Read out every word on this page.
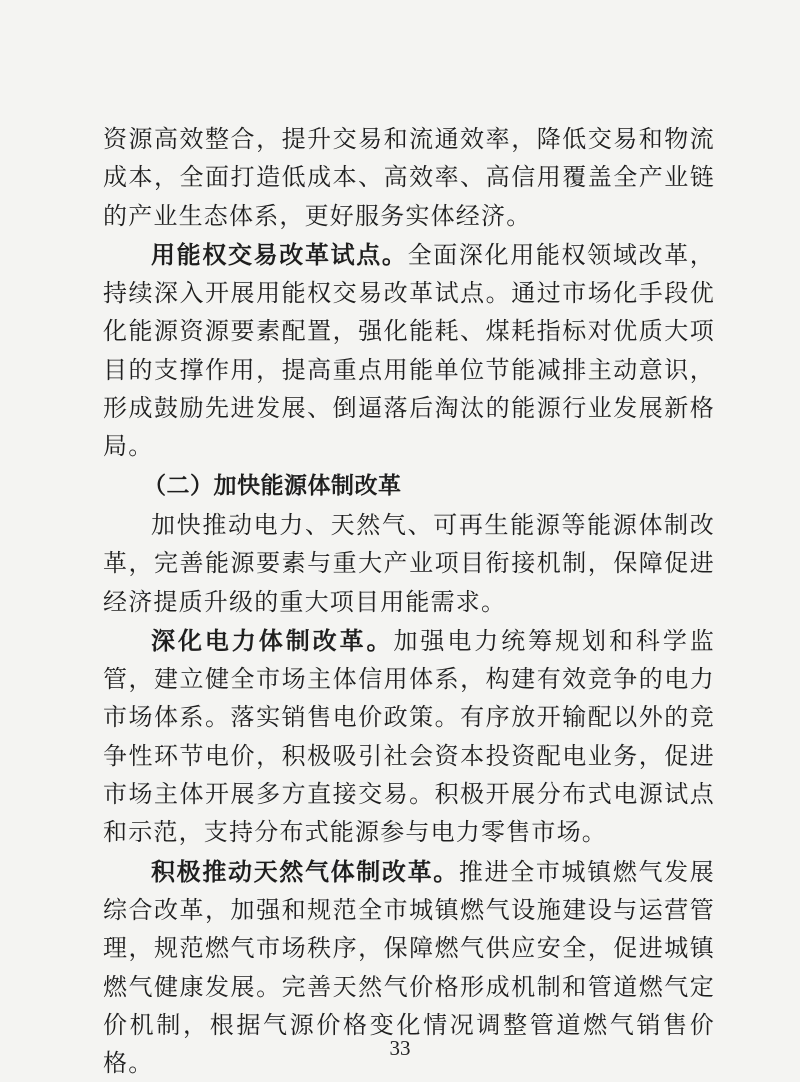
资源高效整合，提升交易和流通效率，降低交易和物流成本，全面打造低成本、高效率、高信用覆盖全产业链的产业生态体系，更好服务实体经济。

用能权交易改革试点。全面深化用能权领域改革，持续深入开展用能权交易改革试点。通过市场化手段优化能源资源要素配置，强化能耗、煤耗指标对优质大项目的支撑作用，提高重点用能单位节能减排主动意识，形成鼓励先进发展、倒逼落后淘汰的能源行业发展新格局。

（二）加快能源体制改革

加快推动电力、天然气、可再生能源等能源体制改革，完善能源要素与重大产业项目衔接机制，保障促进经济提质升级的重大项目用能需求。

深化电力体制改革。加强电力统筹规划和科学监管，建立健全市场主体信用体系，构建有效竞争的电力市场体系。落实销售电价政策。有序放开输配以外的竞争性环节电价，积极吸引社会资本投资配电业务，促进市场主体开展多方直接交易。积极开展分布式电源试点和示范，支持分布式能源参与电力零售市场。

积极推动天然气体制改革。推进全市城镇燃气发展综合改革，加强和规范全市城镇燃气设施建设与运营管理，规范燃气市场秩序，保障燃气供应安全，促进城镇燃气健康发展。完善天然气价格形成机制和管道燃气定价机制，根据气源价格变化情况调整管道燃气销售价格。

33
